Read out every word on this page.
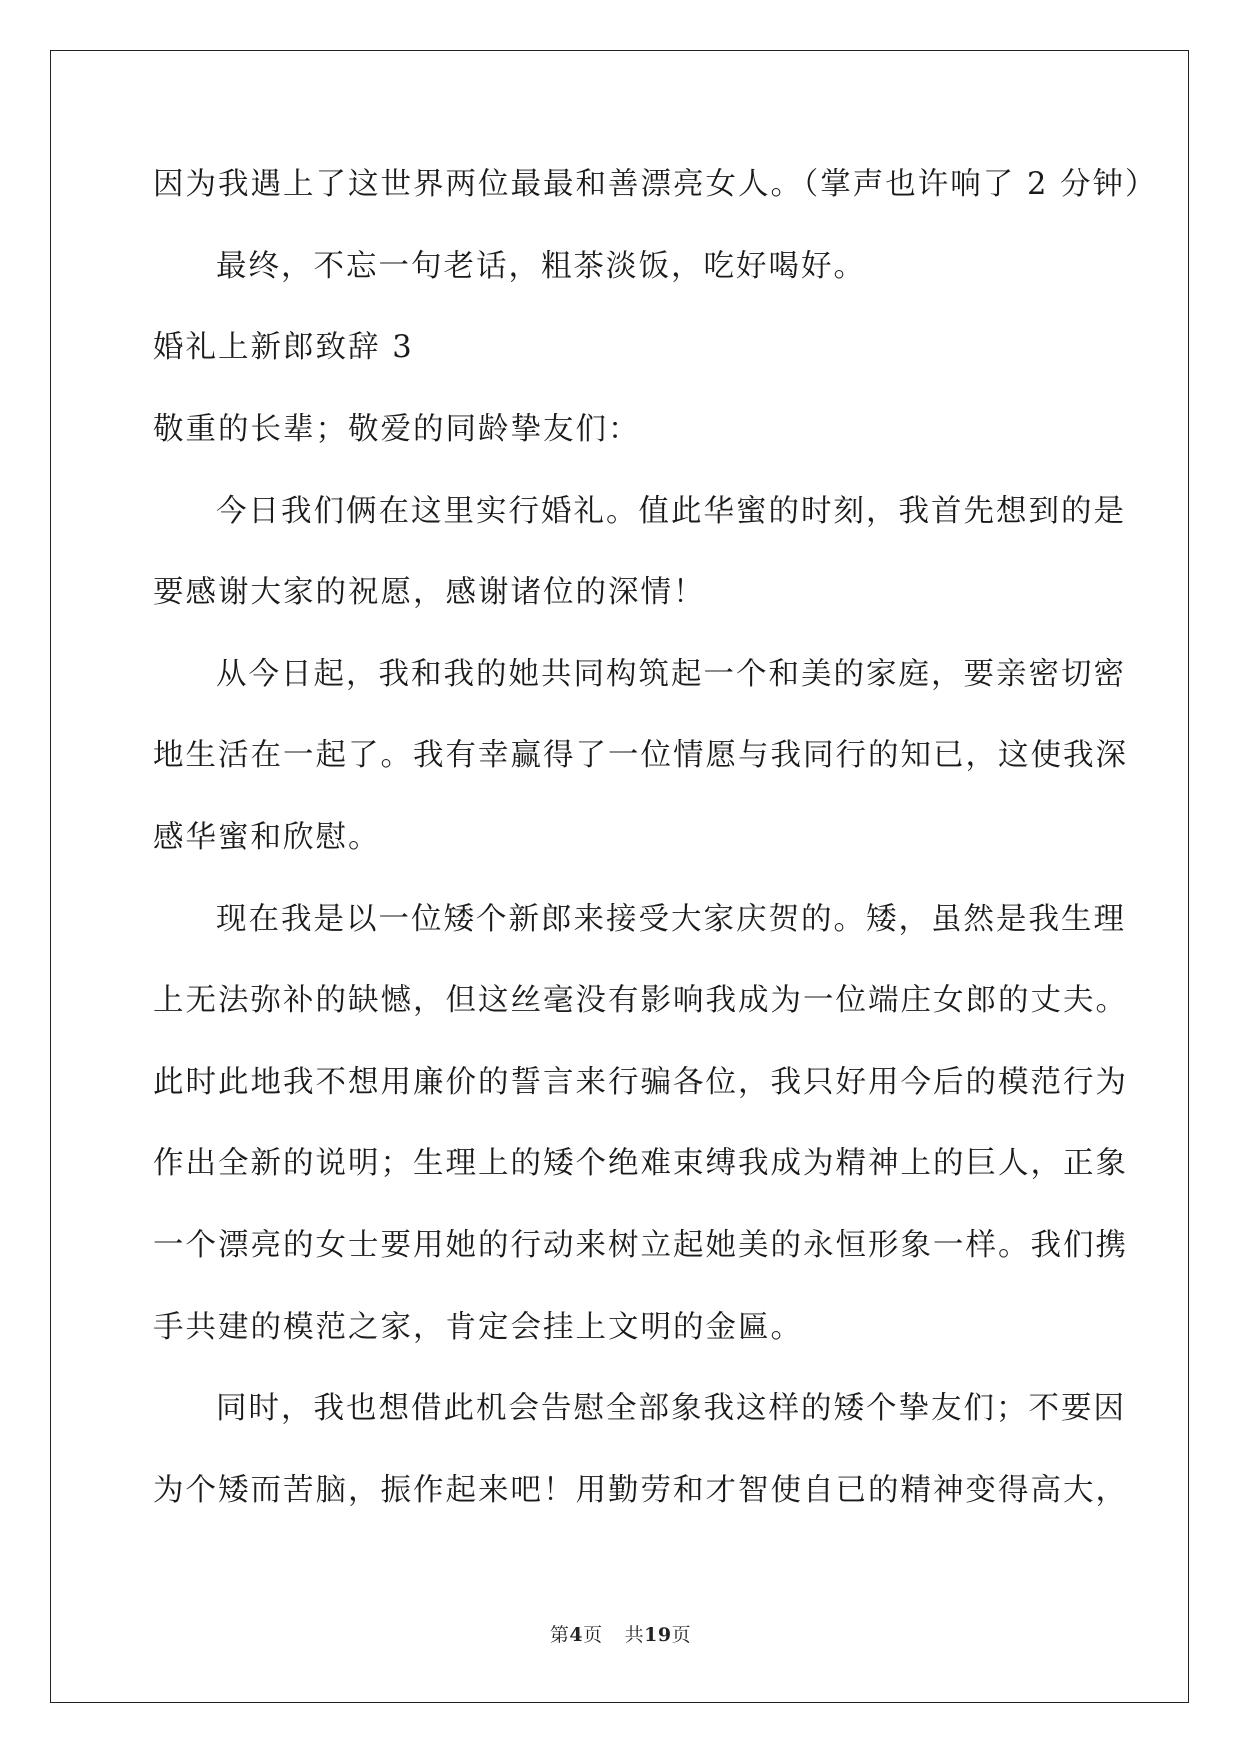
因为我遇上了这世界两位最最和善漂亮女人。（掌声也许响了 2 分钟）

最终，不忘一句老话，粗茶淡饭，吃好喝好。

婚礼上新郎致辞 3

敬重的长辈；敬爱的同龄挚友们：

今日我们俩在这里实行婚礼。值此华蜜的时刻，我首先想到的是

要感谢大家的祝愿，感谢诸位的深情！

从今日起，我和我的她共同构筑起一个和美的家庭，要亲密切密

地生活在一起了。我有幸赢得了一位情愿与我同行的知已，这使我深

感华蜜和欣慰。

现在我是以一位矮个新郎来接受大家庆贺的。矮，虽然是我生理

上无法弥补的缺憾，但这丝毫没有影响我成为一位端庄女郎的丈夫。

此时此地我不想用廉价的誓言来行骗各位，我只好用今后的模范行为

作出全新的说明；生理上的矮个绝难束缚我成为精神上的巨人，正象

一个漂亮的女士要用她的行动来树立起她美的永恒形象一样。我们携

手共建的模范之家，肯定会挂上文明的金匾。

同时，我也想借此机会告慰全部象我这样的矮个挚友们；不要因

为个矮而苦脑，振作起来吧！用勤劳和才智使自已的精神变得高大，

第4页 共19页
